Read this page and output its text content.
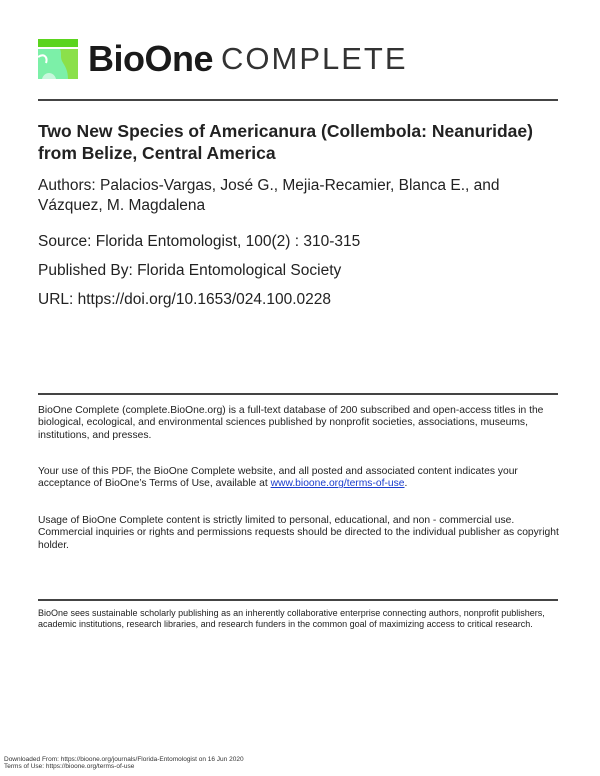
BioOne COMPLETE
Two New Species of Americanura (Collembola: Neanuridae) from Belize, Central America
Authors: Palacios-Vargas, José G., Mejia-Recamier, Blanca E., and Vázquez, M. Magdalena
Source: Florida Entomologist, 100(2) : 310-315
Published By: Florida Entomological Society
URL: https://doi.org/10.1653/024.100.0228
BioOne Complete (complete.BioOne.org) is a full-text database of 200 subscribed and open-access titles in the biological, ecological, and environmental sciences published by nonprofit societies, associations, museums, institutions, and presses.
Your use of this PDF, the BioOne Complete website, and all posted and associated content indicates your acceptance of BioOne’s Terms of Use, available at www.bioone.org/terms-of-use.
Usage of BioOne Complete content is strictly limited to personal, educational, and non - commercial use. Commercial inquiries or rights and permissions requests should be directed to the individual publisher as copyright holder.
BioOne sees sustainable scholarly publishing as an inherently collaborative enterprise connecting authors, nonprofit publishers, academic institutions, research libraries, and research funders in the common goal of maximizing access to critical research.
Downloaded From: https://bioone.org/journals/Florida-Entomologist on 16 Jun 2020
Terms of Use: https://bioone.org/terms-of-use
